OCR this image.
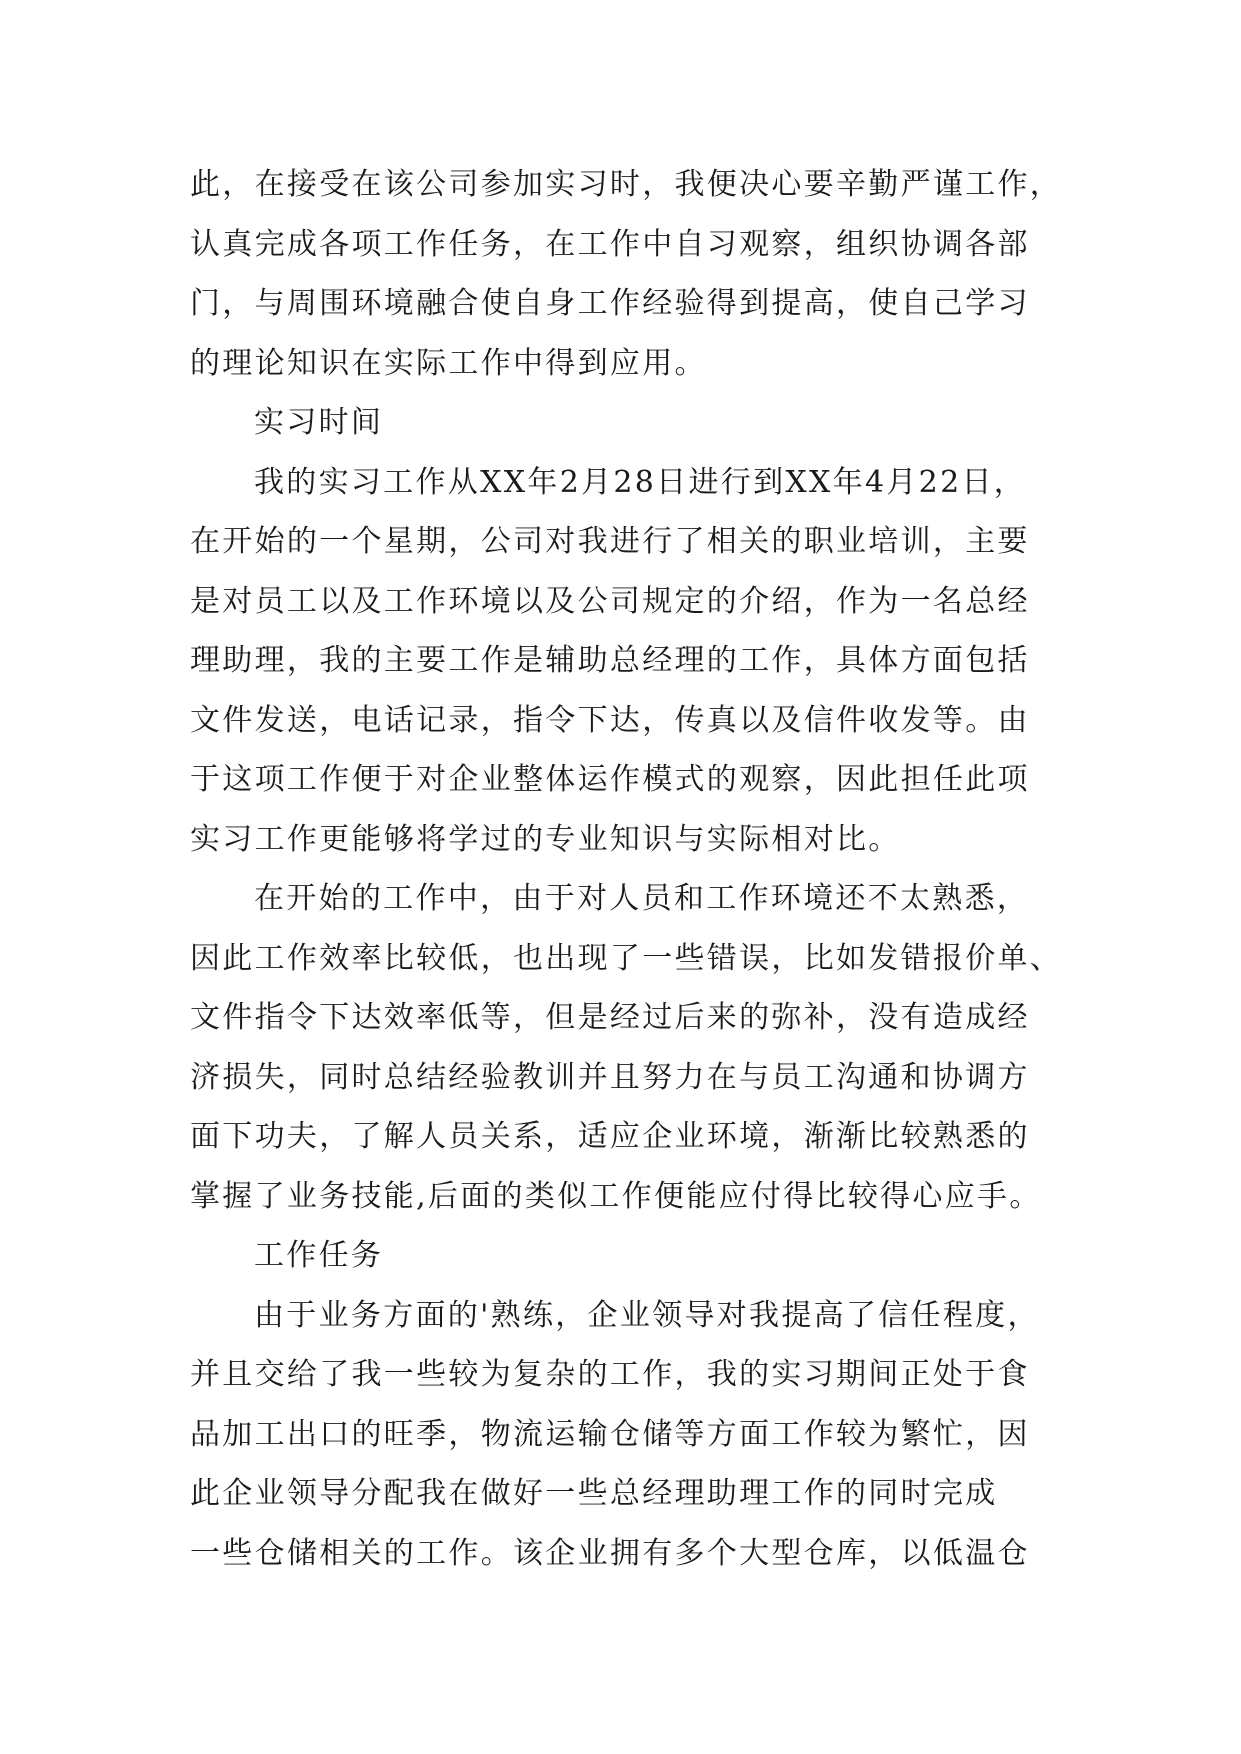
此，在接受在该公司参加实习时，我便决心要辛勤严谨工作，
认真完成各项工作任务，在工作中自习观察，组织协调各部
门，与周围环境融合使自身工作经验得到提高，使自己学习
的理论知识在实际工作中得到应用。
实习时间
我的实习工作从XX年2月28日进行到XX年4月22日，
在开始的一个星期，公司对我进行了相关的职业培训，主要
是对员工以及工作环境以及公司规定的介绍，作为一名总经
理助理，我的主要工作是辅助总经理的工作，具体方面包括
文件发送，电话记录，指令下达，传真以及信件收发等。由
于这项工作便于对企业整体运作模式的观察，因此担任此项
实习工作更能够将学过的专业知识与实际相对比。
在开始的工作中，由于对人员和工作环境还不太熟悉，
因此工作效率比较低，也出现了一些错误，比如发错报价单、
文件指令下达效率低等，但是经过后来的弥补，没有造成经
济损失，同时总结经验教训并且努力在与员工沟通和协调方
面下功夫，了解人员关系，适应企业环境，渐渐比较熟悉的
掌握了业务技能,后面的类似工作便能应付得比较得心应手。
工作任务
由于业务方面的'熟练，企业领导对我提高了信任程度，
并且交给了我一些较为复杂的工作，我的实习期间正处于食
品加工出口的旺季，物流运输仓储等方面工作较为繁忙，因
此企业领导分配我在做好一些总经理助理工作的同时完成
一些仓储相关的工作。该企业拥有多个大型仓库，以低温仓
